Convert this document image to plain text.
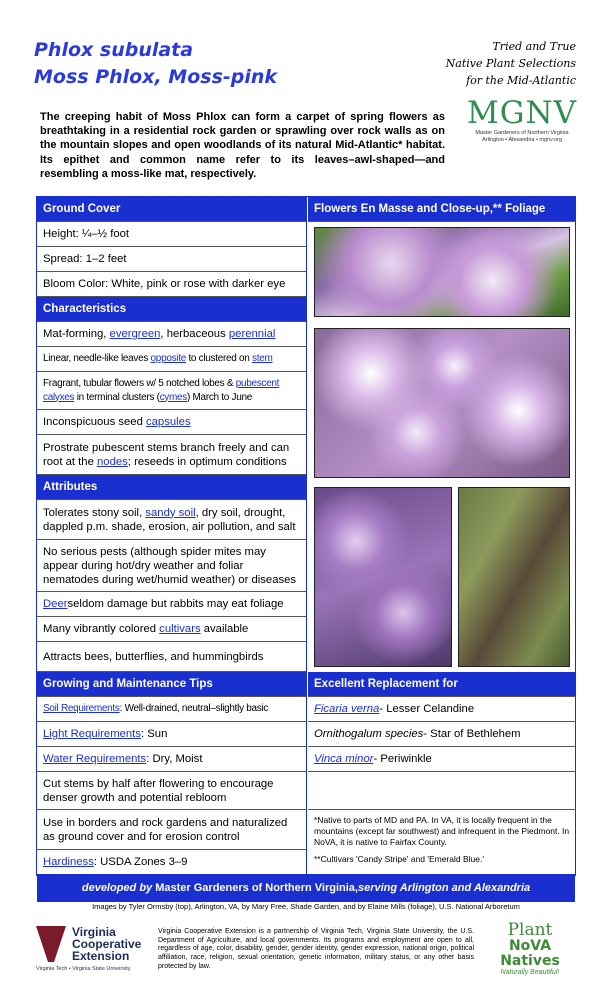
Phlox subulata
Moss Phlox, Moss-pink
Tried and True
Native Plant Selections
for the Mid-Atlantic
The creeping habit of Moss Phlox can form a carpet of spring flowers as breathtaking in a residential rock garden or sprawling over rock walls as on the mountain slopes and open woodlands of its natural Mid-Atlantic* habitat. Its epithet and common name refer to its leaves–awl-shaped—and resembling a moss-like mat, respectively.
MGNV
Master Gardeners of Northern Virginia
Arlington • Alexandria • mgnv.org
Ground Cover
Height: ¼–½ foot
Spread: 1–2 feet
Bloom Color: White, pink or rose with darker eye
Characteristics
Mat-forming,
evergreen , herbaceous
perennial
Linear, needle-like leaves
opposite
to clustered on
stem
Fragrant, tubular flowers w/ 5 notched lobes & pubescent calyxes in terminal clusters (cymes) March to June
Inconspicuous seed
capsules
Prostrate pubescent stems branch freely and can root at the nodes; reseeds in optimum conditions
Attributes
Tolerates stony soil, sandy soil, dry soil, drought, dappled p.m. shade, erosion, air pollution, and salt
No serious pests (although spider mites may appear during hot/dry weather and foliar nematodes during wet/humid weather) or diseases
Deer seldom damage but rabbits may eat foliage
Many vibrantly colored
cultivars
available
Attracts bees, butterflies, and hummingbirds
Growing and Maintenance Tips
Soil Requirements : Well-drained, neutral–slightly basic
Light Requirements : Sun
Water Requirements : Dry, Moist
Cut stems by half after flowering to encourage denser growth and potential rebloom
Use in borders and rock gardens and naturalized as ground cover and for erosion control
Hardiness : USDA Zones 3–9
Flowers En Masse and Close-up,** Foliage
Excellent Replacement for
Ficaria verna - Lesser Celandine
Ornithogalum species - Star of Bethlehem
Vinca minor - Periwinkle
*Native to parts of MD and PA. In VA, it is locally frequent in the mountains (except far southwest) and infrequent in the Piedmont. In NoVA, it is native to Fairfax County.
**Cultivars 'Candy Stripe' and 'Emerald Blue.'
developed by
Master Gardeners of Northern Virginia, serving Arlington and Alexandria
Images by Tyler Ormsby (top), Arlington, VA, by Mary Free, Shade Garden, and by Elaine Mills (foliage), U.S. National Arboretum
Virginia
Cooperative
Extension
Virginia Tech • Virginia State University
Virginia Cooperative Extension is a partnership of Virginia Tech, Virginia State University, the U.S. Department of Agriculture, and local governments. Its programs and employment are open to all, regardless of age, color, disability, gender, gender identity, gender expression, national origin, political affiliation, race, religion, sexual orientation, genetic information, military status, or any other basis protected by law.
Plant
NoVA Natives
Naturally Beautiful!
